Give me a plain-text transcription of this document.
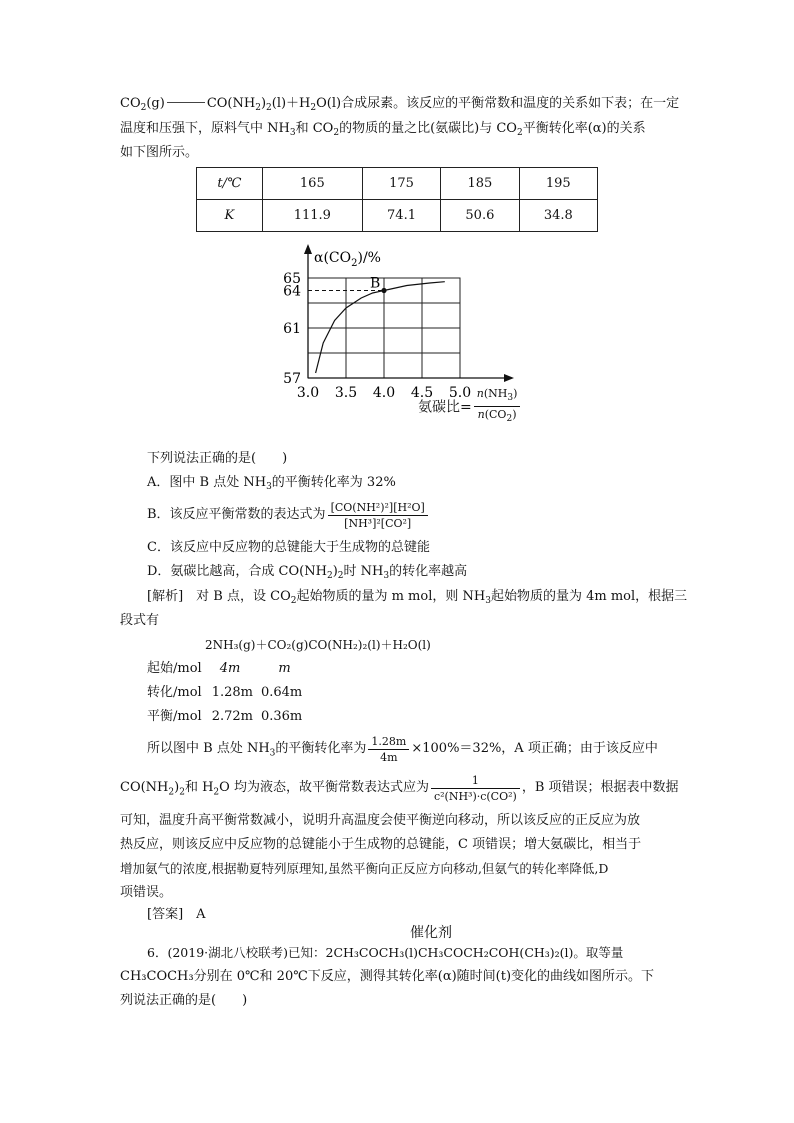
$CO_2(g)$	$CO(NH_2)_2(l)+H_2O(l)$合成尿素。该反应的平衡常数和温度的关系如下表；在一定
温度和压强下，原料气中 $NH_3$和 $CO_2$的物质的量之比(氨碳比)与 $CO_2$平衡转化率(α)的关系
如下图所示。
t/℃	165	175	185	195
K	111.9	74.1	50.6	34.8
3.0 3.5 4.0 4.5 5.0
57
61
64
65	B
$\alpha(CO_2)/\%$
氨碳比= $\frac{n(NH_3)}{n(CO_2)}$
下列说法正确的是(　　)
A．图中 B 点处 $NH_3$的平衡转化率为 32%
B．该反应平衡常数的表达式为 $\frac{\text{[CO(NH²)²][H²O]}}{\text{[NH³]²[CO²]}}$
C．该反应中反应物的总键能大于生成物的总键能
D．氨碳比越高，合成 $CO(NH_2)_2$时 $NH_3$的转化率越高
[解析]　 对 B 点，设 $CO_2$起始物质的量为 m mol，则 $NH_3$起始物质的量为 4m mol，根据三
段式有
2NH₃(g)＋CO₂(g)CO(NH₂)₂(l)＋H₂O(l)
起始/mol 4m	m
转化/mol 1.28m 0.64m
平衡/mol 2.72m 0.36m
所以图中 B 点处 $NH_3$的平衡转化率为 $\frac{1.28m}{4m} \times 100\%=32\%$，A 项正确；由于该反应中
$CO(NH_2)_2$和 $H_2O$ 均为液态，故平衡常数表达式应为 $\frac{1}{\text{c²(NH³)·c(CO²)}}$ ，B 项错误；根据表中数据
可知，温度升高平衡常数减小，说明升高温度会使平衡逆向移动，所以该反应的正反应为放
热反应，则该反应中反应物的总键能小于生成物的总键能，C 项错误；增大氨碳比，相当于
增加氨气的浓度,根据勒夏特列原理知,虽然平衡向正反应方向移动,但氨气的转化率降低,D
项错误。
[答案]　 A
催化剂
6．(2019·湖北八校联考)已知：2CH₃COCH₃(l)CH₃COCH₂COH(CH₃)₂(l)。取等量
CH₃COCH₃分别在 0℃和 20℃下反应，测得其转化率(α)随时间(t)变化的曲线如图所示。下
列说法正确的是(　　)
